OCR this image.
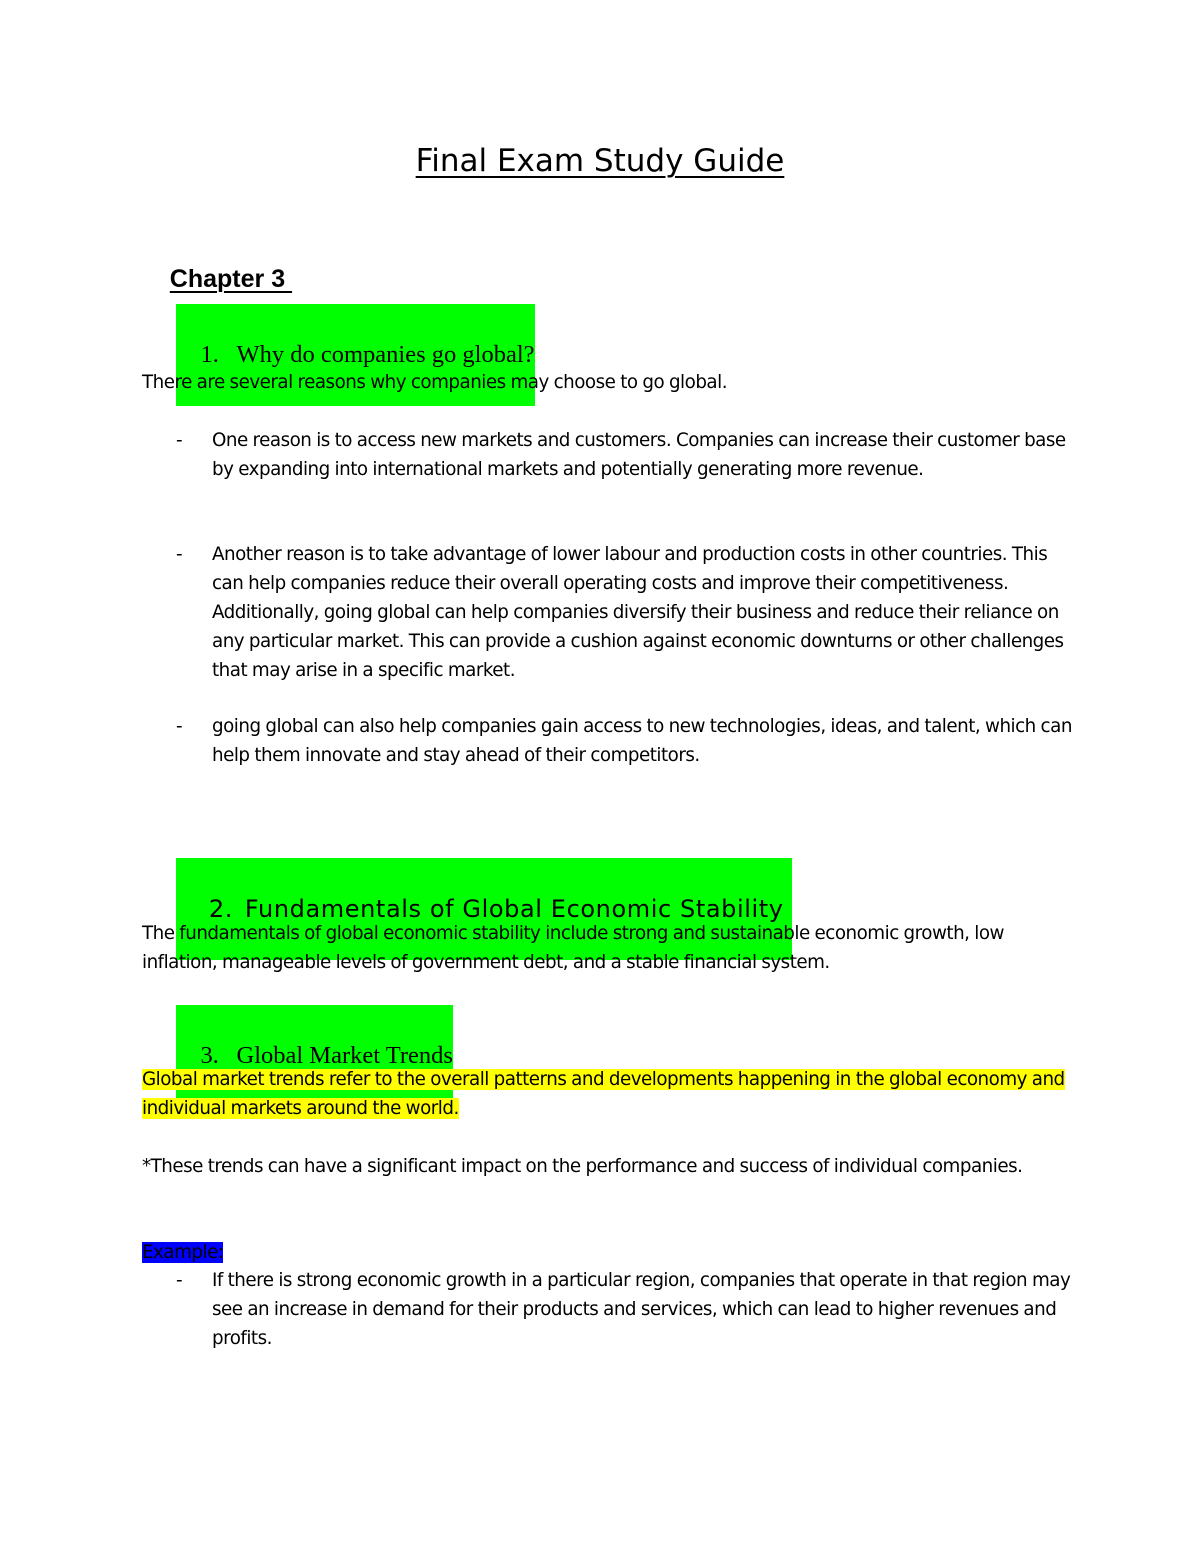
Final Exam Study Guide

Chapter 3

1. Why do companies go global?

There are several reasons why companies may choose to go global.

- One reason is to access new markets and customers. Companies can increase their customer base by expanding into international markets and potentially generating more revenue.
- Another reason is to take advantage of lower labour and production costs in other countries. This can help companies reduce their overall operating costs and improve their competitiveness. Additionally, going global can help companies diversify their business and reduce their reliance on any particular market. This can provide a cushion against economic downturns or other challenges that may arise in a specific market.
- going global can also help companies gain access to new technologies, ideas, and talent, which can help them innovate and stay ahead of their competitors.

2. Fundamentals of Global Economic Stability

The fundamentals of global economic stability include strong and sustainable economic growth, low inflation, manageable levels of government debt, and a stable financial system.

3. Global Market Trends

Global market trends refer to the overall patterns and developments happening in the global economy and individual markets around the world.

*These trends can have a significant impact on the performance and success of individual companies.

Example:

- If there is strong economic growth in a particular region, companies that operate in that region may see an increase in demand for their products and services, which can lead to higher revenues and profits.
